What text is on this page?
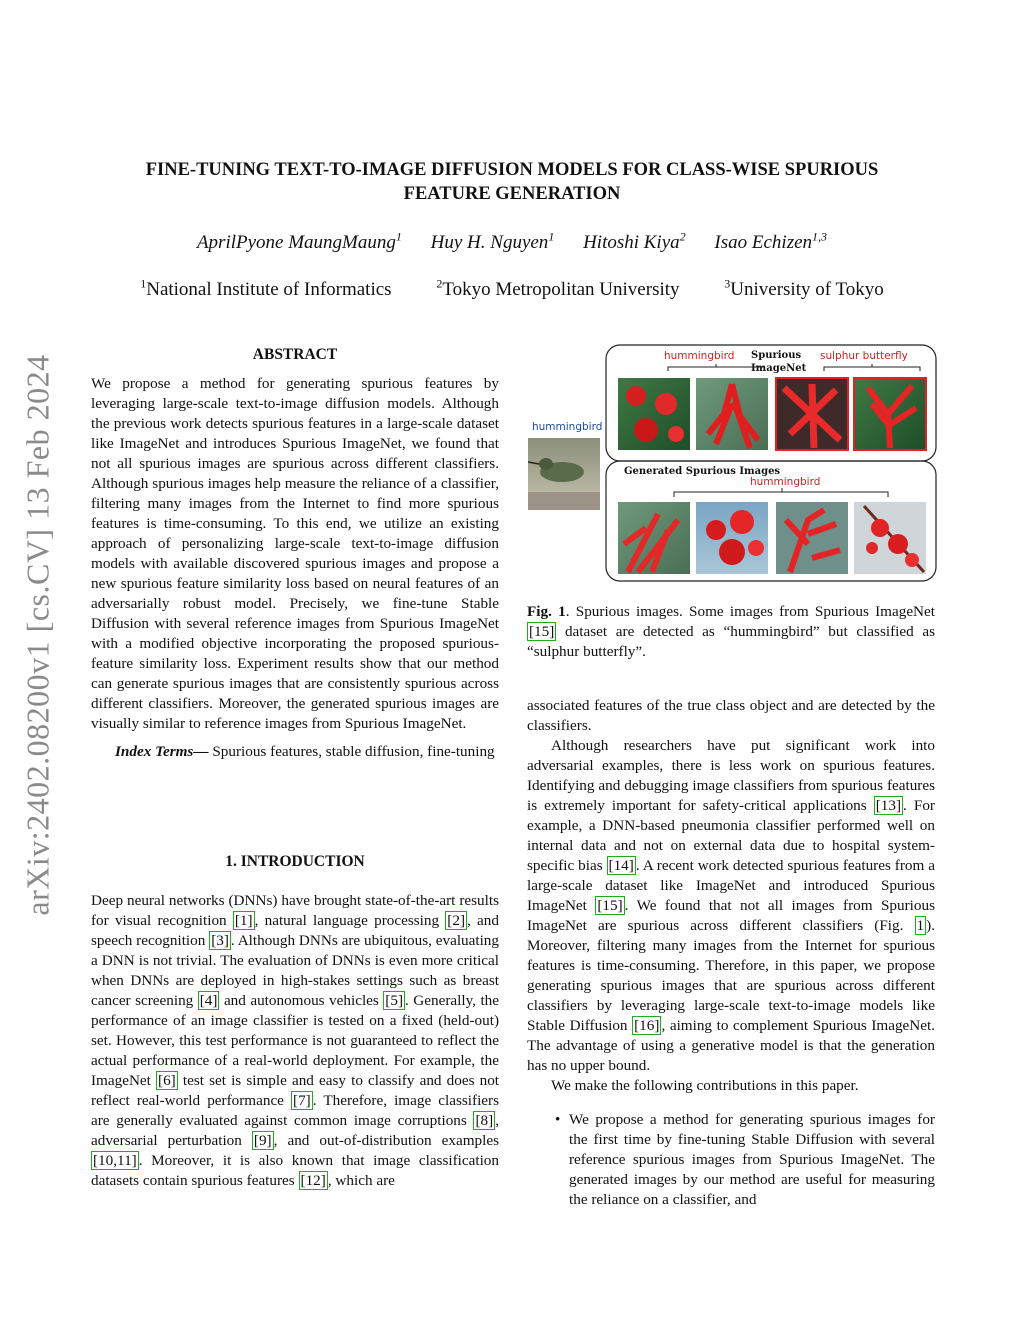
arXiv:2402.08200v1 [cs.CV] 13 Feb 2024
FINE-TUNING TEXT-TO-IMAGE DIFFUSION MODELS FOR CLASS-WISE SPURIOUS
FEATURE GENERATION
AprilPyone MaungMaung$^1$ Huy H. Nguyen$^1$ Hitoshi Kiya$^2$ Isao Echizen$^{1,3}$
$^1$National Institute of Informatics	$^2$Tokyo Metropolitan University	$^3$University of Tokyo
ABSTRACT
We propose a method for generating spurious features by leveraging large-scale text-to-image diffusion models. Although the previous work detects spurious features in a large-scale dataset like ImageNet and introduces Spurious ImageNet, we found that not all spurious images are spurious across different classifiers. Although spurious images help measure the reliance of a classifier, filtering many images from the Internet to find more spurious features is time-consuming. To this end, we utilize an existing approach of personalizing large-scale text-to-image diffusion models with available discovered spurious images and propose a new spurious feature similarity loss based on neural features of an adversarially robust model. Precisely, we fine-tune Stable Diffusion with several reference images from Spurious ImageNet with a modified objective incorporating the proposed spurious-feature similarity loss. Experiment results show that our method can generate spurious images that are consistently spurious across different classifiers. Moreover, the generated spurious images are visually similar to reference images from Spurious ImageNet.
Index Terms— Spurious features, stable diffusion, fine-tuning
1. INTRODUCTION
Deep neural networks (DNNs) have brought state-of-the-art results for visual recognition [1] , natural language processing [2] , and speech recognition [3] . Although DNNs are ubiquitous, evaluating a DNN is not trivial. The evaluation of DNNs is even more critical when DNNs are deployed in high-stakes settings such as breast cancer screening [4] and autonomous vehicles [5] . Generally, the performance of an image classifier is tested on a fixed (held-out) set. However, this test performance is not guaranteed to reflect the actual performance of a real-world deployment. For example, the ImageNet [6] test set is simple and easy to classify and does not reflect real-world performance [7] . Therefore, image classifiers are generally evaluated against common image corruptions [8] , adversarial perturbation [9] , and out-of-distribution examples [10,11] . Moreover, it is also known that image classification datasets contain spurious features [12] , which are
hummingbird
hummingbird Spurious
ImageNet
sulphur butterfly
Generated Spurious Images
hummingbird
Fig. 1. Spurious images. Some images from Spurious ImageNet [15] dataset are detected as “hummingbird” but classified as “sulphur butterfly”.

associated features of the true class object and are detected by the classifiers.

Although researchers have put significant work into adversarial examples, there is less work on spurious features. Identifying and debugging image classifiers from spurious features is extremely important for safety-critical applications [13] . For example, a DNN-based pneumonia classifier performed well on internal data and not on external data due to hospital system-specific bias [14] . A recent work detected spurious features from a large-scale dataset like ImageNet and introduced Spurious ImageNet [15] . We found that not all images from Spurious ImageNet are spurious across different classifiers (Fig. 1 ). Moreover, filtering many images from the Internet for spurious features is time-consuming. Therefore, in this paper, we propose generating spurious images that are spurious across different classifiers by leveraging large-scale text-to-image models like Stable Diffusion [16] , aiming to complement Spurious ImageNet. The advantage of using a generative model is that the generation has no upper bound.

We make the following contributions in this paper.

• We propose a method for generating spurious images for the first time by fine-tuning Stable Diffusion with several reference spurious images from Spurious ImageNet. The generated images by our method are useful for measuring the reliance on a classifier, and
